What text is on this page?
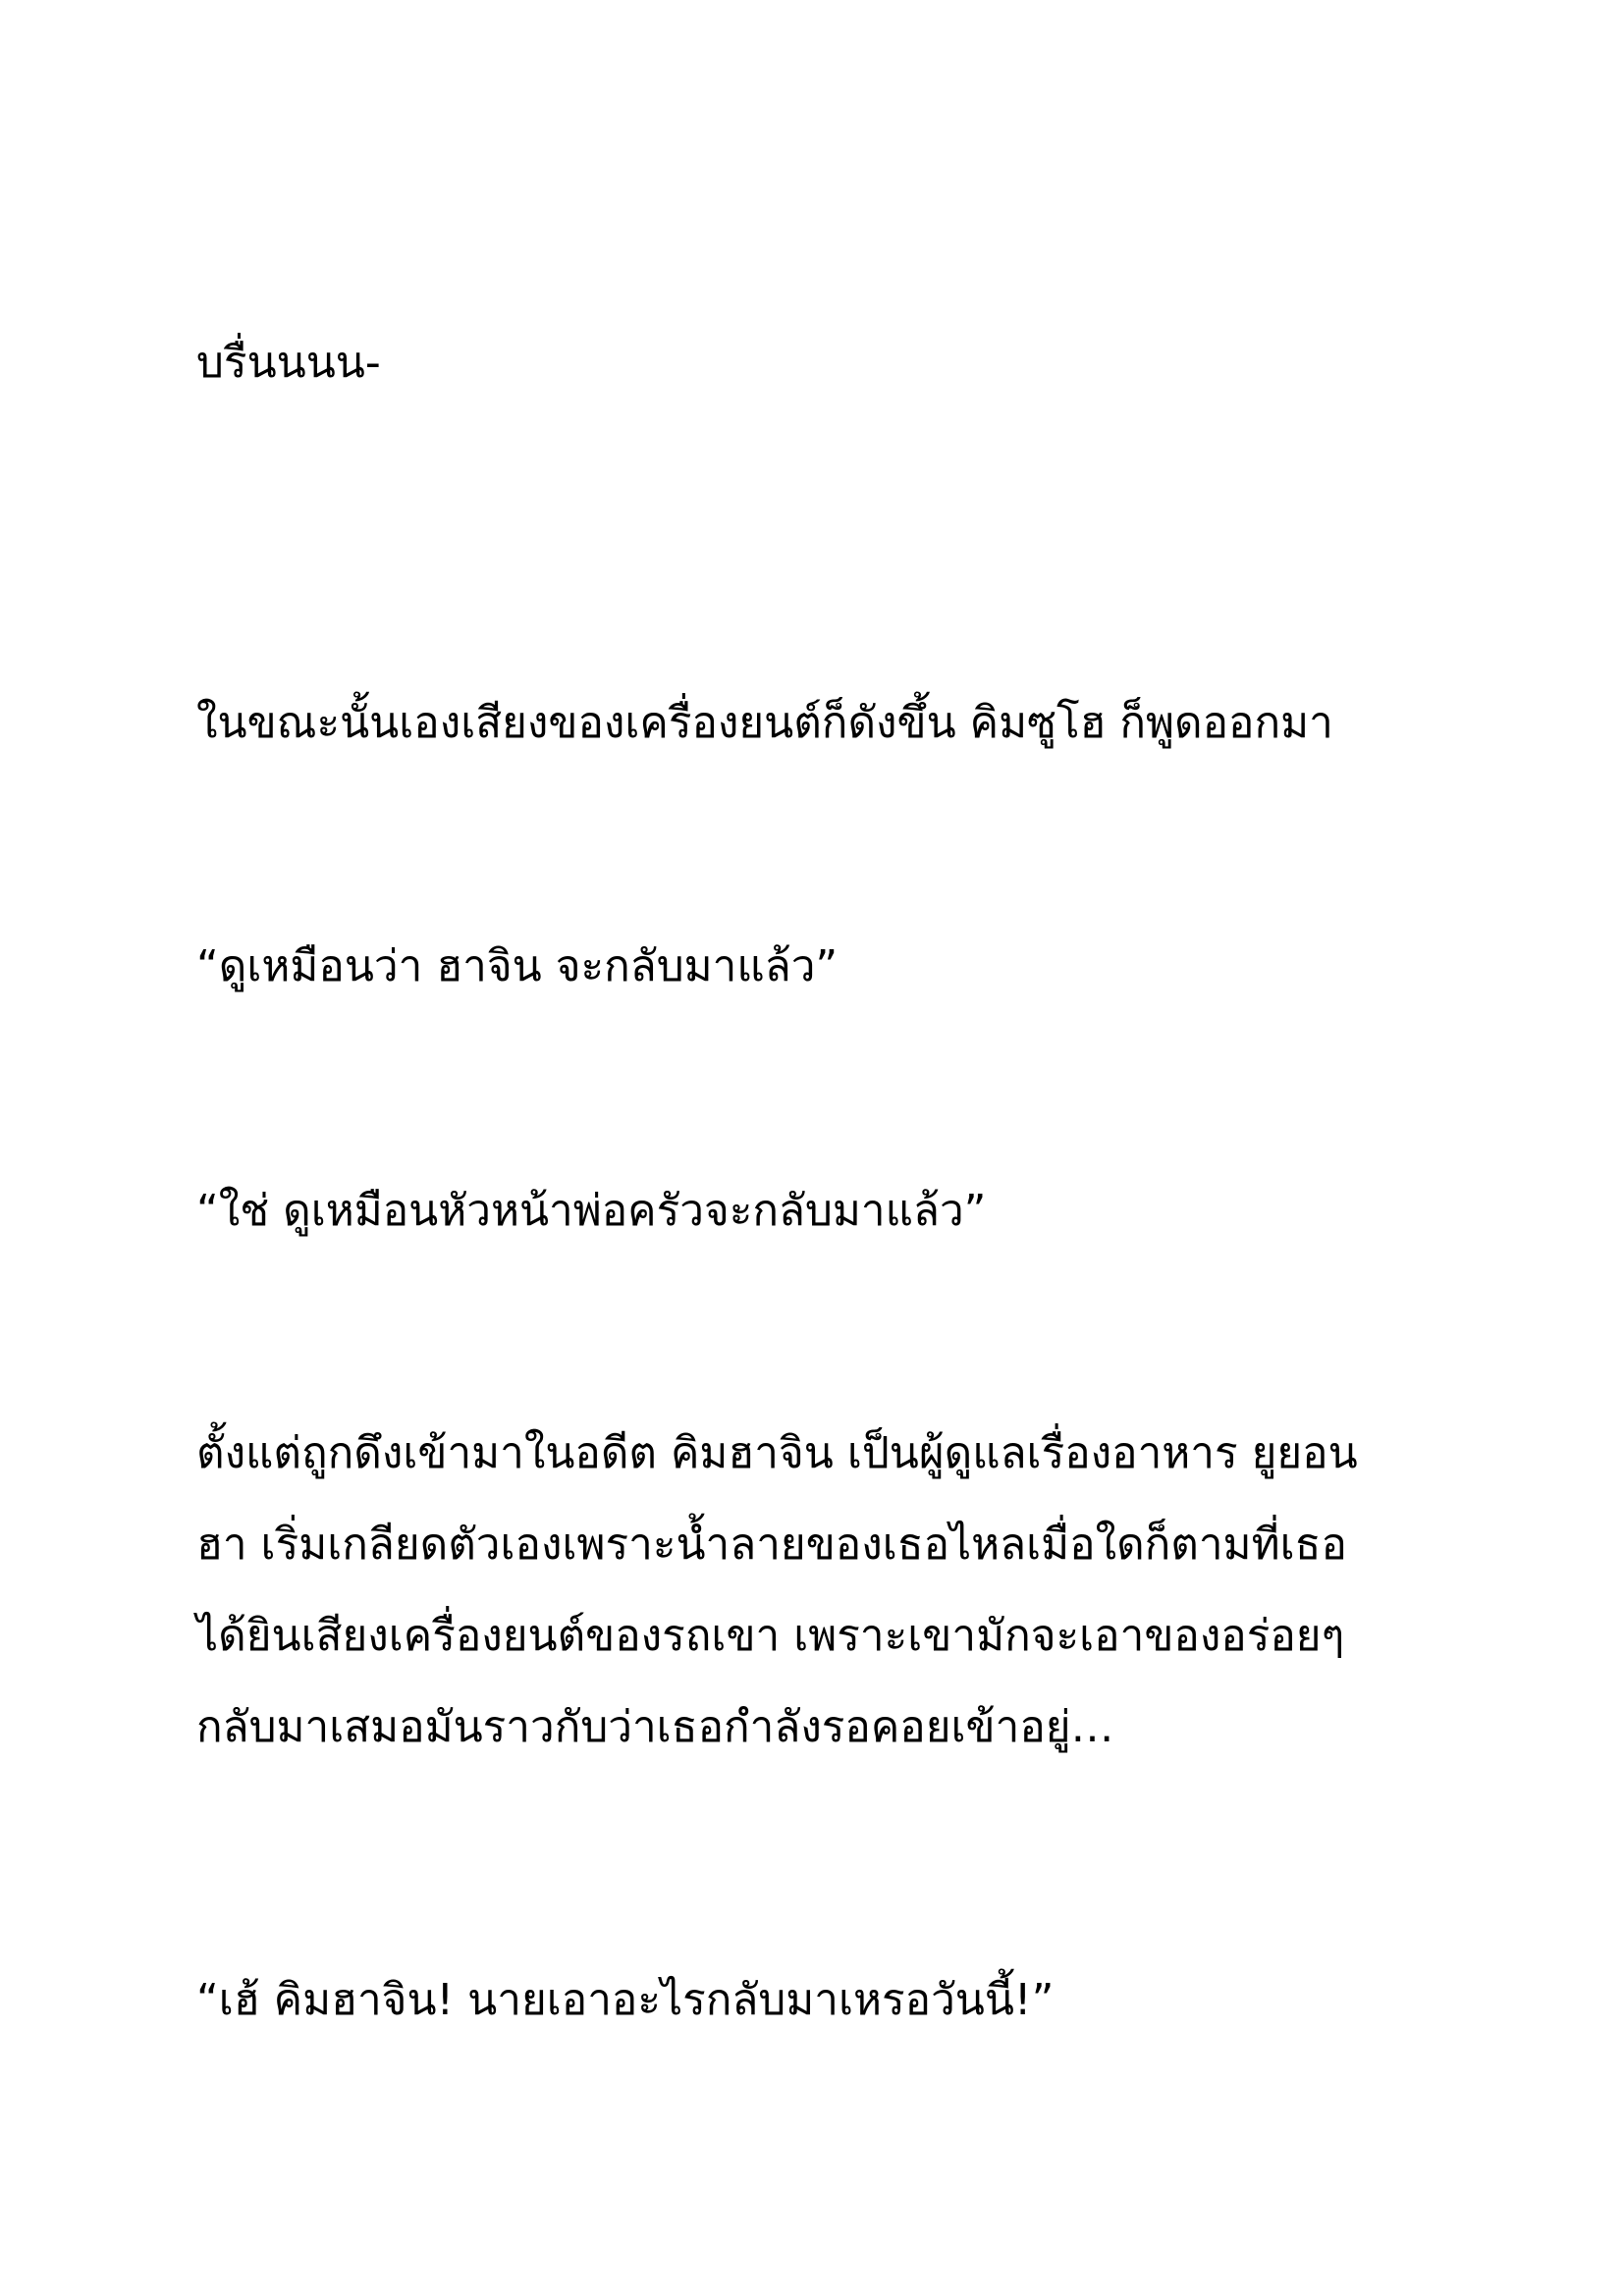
บรื่นนนน-

ในขณะนั้นเองเสียงของเครื่องยนต์ก็ดังขึ้น คิมซูโฮ ก็พูดออกมา

“ดูเหมือนว่า ฮาจิน จะกลับมาแล้ว”

“ใช่ ดูเหมือนหัวหน้าพ่อครัวจะกลับมาแล้ว”

ตั้งแต่ถูกดึงเข้ามาในอดีต คิมฮาจิน เป็นผู้ดูแลเรื่องอาหาร ยูยอน

ฮา เริ่มเกลียดตัวเองเพราะน้ำลายของเธอไหลเมื่อใดก็ตามที่เธอ

ได้ยินเสียงเครื่องยนต์ของรถเขา เพราะเขามักจะเอาของอร่อยๆ

กลับมาเสมอมันราวกับว่าเธอกำลังรอคอยเข้าอยู่…

“เฮ้ คิมฮาจิน! นายเอาอะไรกลับมาเหรอวันนี้!”
